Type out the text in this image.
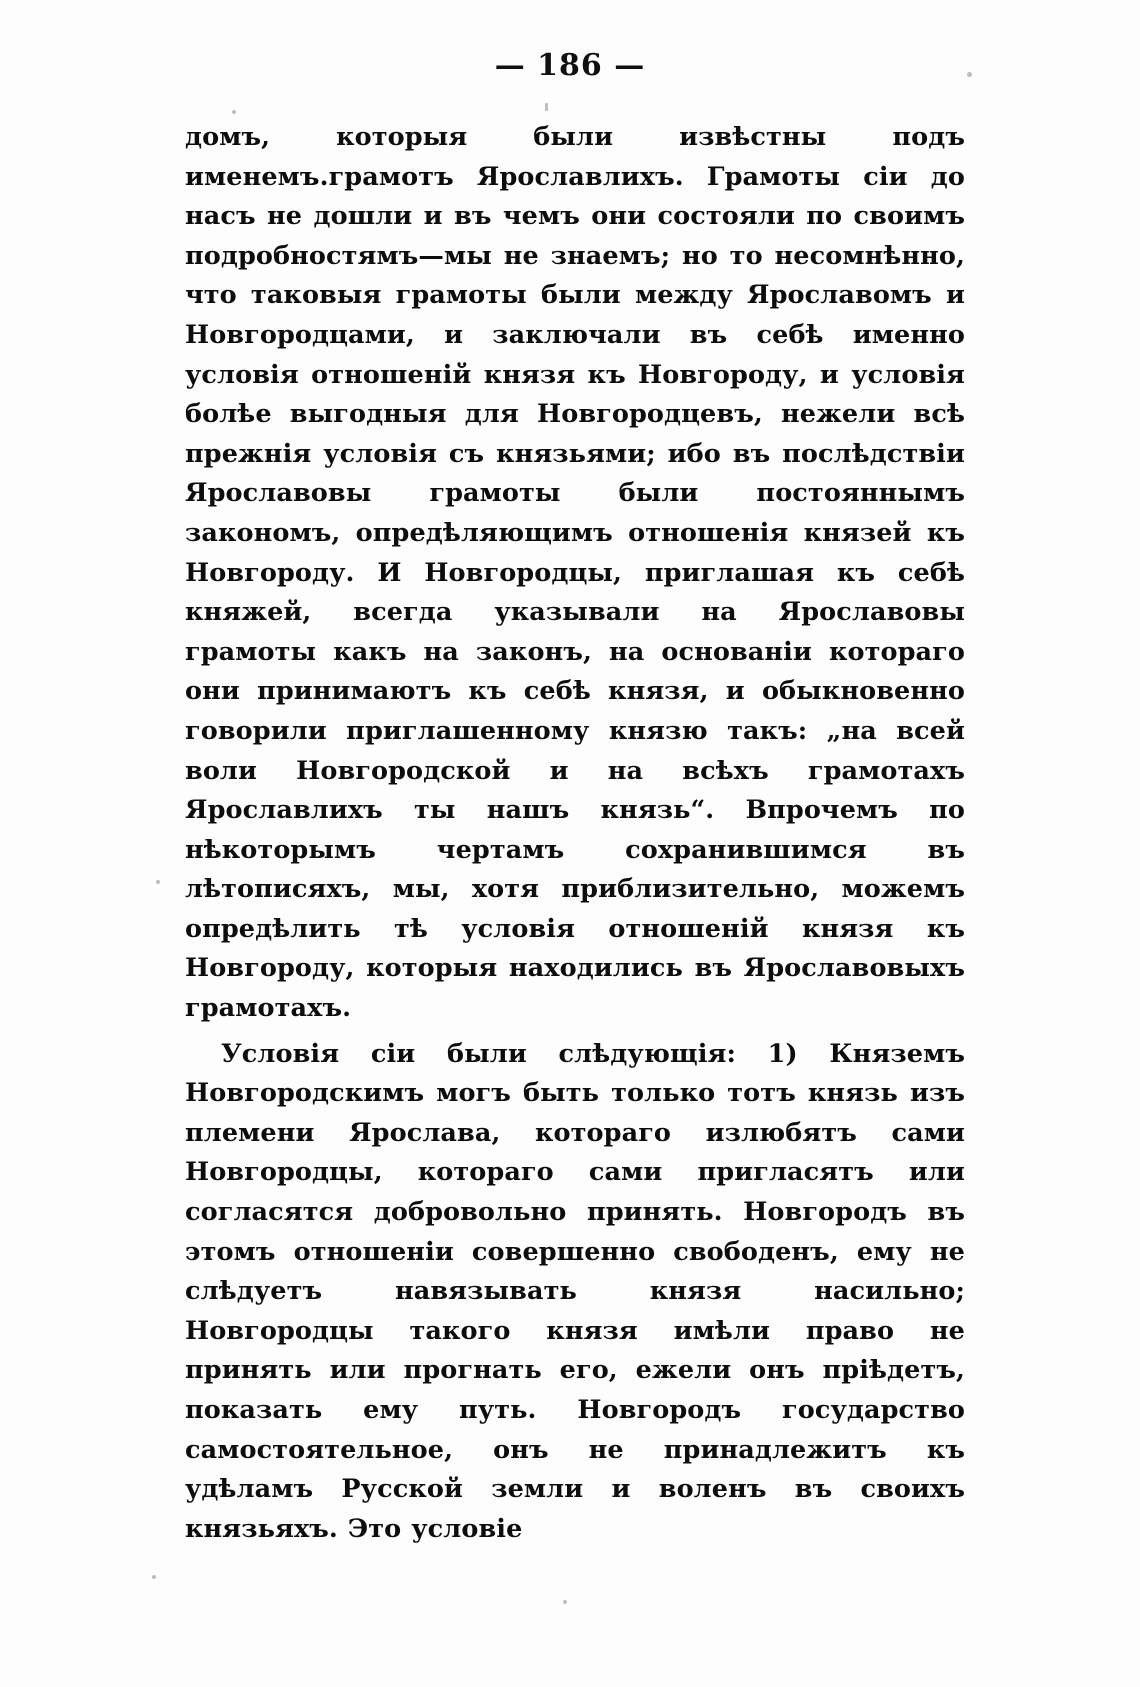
— 186 —

домъ, которыя были извѣстны подъ именемъ.грамотъ Ярославлихъ. Грамоты сіи до насъ не дошли и въ чемъ они состояли по своимъ подробностямъ—мы не знаемъ; но то несомнѣнно, что таковыя грамоты были между Ярославомъ и Новгородцами, и заключали въ себѣ именно условія отношеній князя къ Новгороду, и условія болѣе выгодныя для Новгородцевъ, нежели всѣ прежнія условія съ князьями; ибо въ послѣдствіи Ярославовы грамоты были постояннымъ закономъ, опредѣляющимъ отношенія князей къ Новгороду. И Новгородцы, приглашая къ себѣ княжей, всегда указывали на Ярославовы грамоты какъ на законъ, на основаніи котораго они принимаютъ къ себѣ князя, и обыкновенно говорили приглашенному князю такъ: „на всей воли Новгородской и на всѣхъ грамотахъ Ярославлихъ ты нашъ князь“. Впрочемъ по нѣкоторымъ чертамъ сохранившимся въ лѣтописяхъ, мы, хотя приблизительно, можемъ опредѣлить тѣ условія отношеній князя къ Новгороду, которыя находились въ Ярославовыхъ грамотахъ.

Условія сіи были слѣдующія: 1) Княземъ Новгородскимъ могъ быть только тотъ князь изъ племени Ярослава, котораго излюбятъ сами Новгородцы, котораго сами пригласятъ или согласятся добровольно принять. Новгородъ въ этомъ отношеніи совершенно свободенъ, ему не слѣдуетъ навязывать князя насильно; Новгородцы такого князя имѣли право не принять или прогнать его, ежели онъ пріѣдетъ, показать ему путь. Новгородъ государство самостоятельное, онъ не принадлежитъ къ удѣламъ Русской земли и воленъ въ своихъ князьяхъ. Это условіе
